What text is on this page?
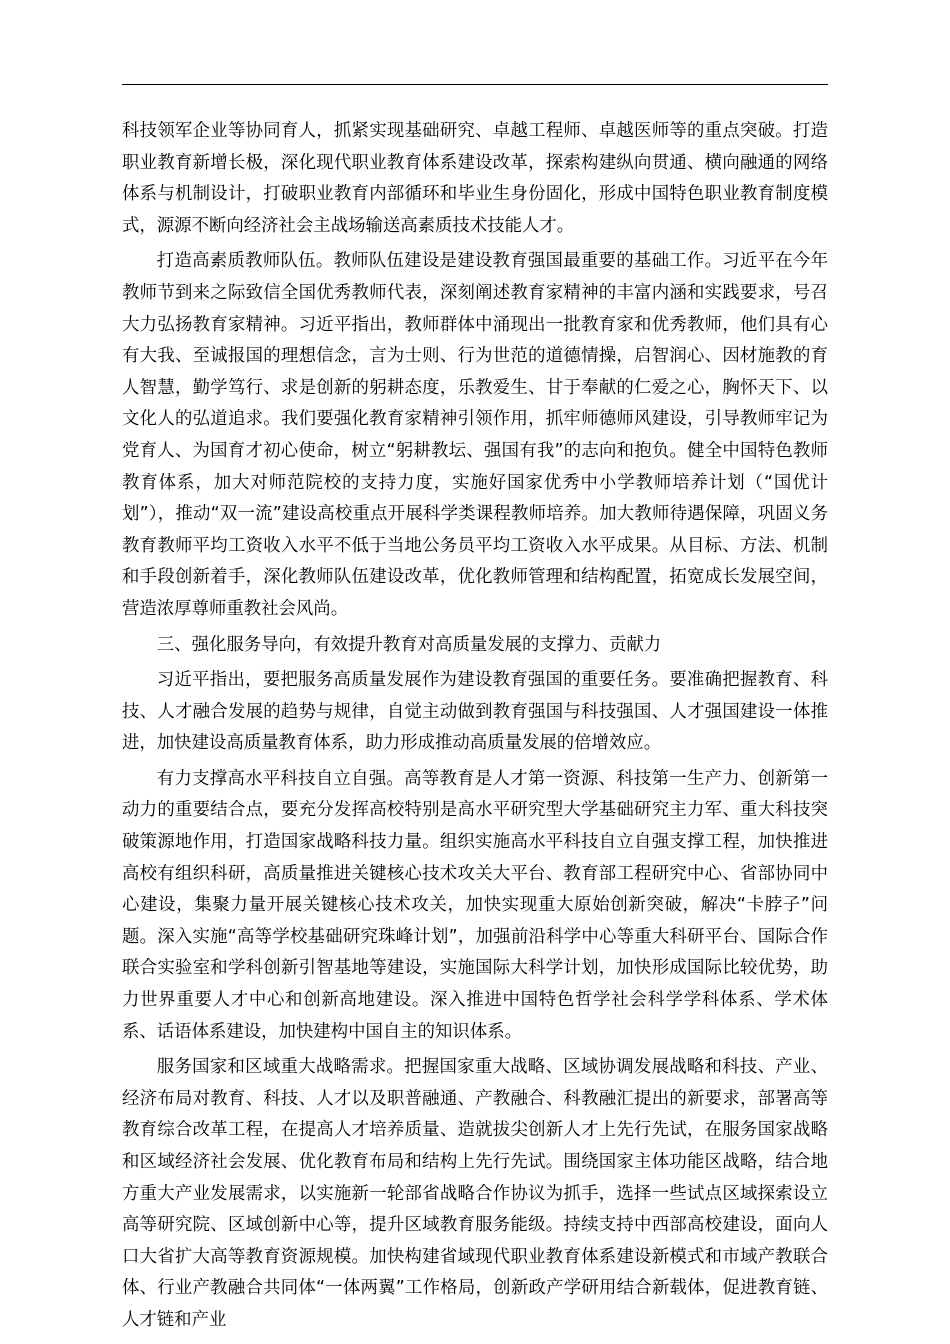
科技领军企业等协同育人，抓紧实现基础研究、卓越工程师、卓越医师等的重点突破。打造职业教育新增长极，深化现代职业教育体系建设改革，探索构建纵向贯通、横向融通的网络体系与机制设计，打破职业教育内部循环和毕业生身份固化，形成中国特色职业教育制度模式，源源不断向经济社会主战场输送高素质技术技能人才。

打造高素质教师队伍。教师队伍建设是建设教育强国最重要的基础工作。习近平在今年教师节到来之际致信全国优秀教师代表，深刻阐述教育家精神的丰富内涵和实践要求，号召大力弘扬教育家精神。习近平指出，教师群体中涌现出一批教育家和优秀教师，他们具有心有大我、至诚报国的理想信念，言为士则、行为世范的道德情操，启智润心、因材施教的育人智慧，勤学笃行、求是创新的躬耕态度，乐教爱生、甘于奉献的仁爱之心，胸怀天下、以文化人的弘道追求。我们要强化教育家精神引领作用，抓牢师德师风建设，引导教师牢记为党育人、为国育才初心使命，树立“躬耕教坛、强国有我”的志向和抱负。健全中国特色教师教育体系，加大对师范院校的支持力度，实施好国家优秀中小学教师培养计划（“国优计划”），推动“双一流”建设高校重点开展科学类课程教师培养。加大教师待遇保障，巩固义务教育教师平均工资收入水平不低于当地公务员平均工资收入水平成果。从目标、方法、机制和手段创新着手，深化教师队伍建设改革，优化教师管理和结构配置，拓宽成长发展空间，营造浓厚尊师重教社会风尚。

三、强化服务导向，有效提升教育对高质量发展的支撑力、贡献力

习近平指出，要把服务高质量发展作为建设教育强国的重要任务。要准确把握教育、科技、人才融合发展的趋势与规律，自觉主动做到教育强国与科技强国、人才强国建设一体推进，加快建设高质量教育体系，助力形成推动高质量发展的倍增效应。

有力支撑高水平科技自立自强。高等教育是人才第一资源、科技第一生产力、创新第一动力的重要结合点，要充分发挥高校特别是高水平研究型大学基础研究主力军、重大科技突破策源地作用，打造国家战略科技力量。组织实施高水平科技自立自强支撑工程，加快推进高校有组织科研，高质量推进关键核心技术攻关大平台、教育部工程研究中心、省部协同中心建设，集聚力量开展关键核心技术攻关，加快实现重大原始创新突破，解决“卡脖子”问题。深入实施“高等学校基础研究珠峰计划”，加强前沿科学中心等重大科研平台、国际合作联合实验室和学科创新引智基地等建设，实施国际大科学计划，加快形成国际比较优势，助力世界重要人才中心和创新高地建设。深入推进中国特色哲学社会科学学科体系、学术体系、话语体系建设，加快建构中国自主的知识体系。

服务国家和区域重大战略需求。把握国家重大战略、区域协调发展战略和科技、产业、经济布局对教育、科技、人才以及职普融通、产教融合、科教融汇提出的新要求，部署高等教育综合改革工程，在提高人才培养质量、造就拔尖创新人才上先行先试，在服务国家战略和区域经济社会发展、优化教育布局和结构上先行先试。围绕国家主体功能区战略，结合地方重大产业发展需求，以实施新一轮部省战略合作协议为抓手，选择一些试点区域探索设立高等研究院、区域创新中心等，提升区域教育服务能级。持续支持中西部高校建设，面向人口大省扩大高等教育资源规模。加快构建省域现代职业教育体系建设新模式和市域产教联合体、行业产教融合共同体“一体两翼”工作格局，创新政产学研用结合新载体，促进教育链、人才链和产业
